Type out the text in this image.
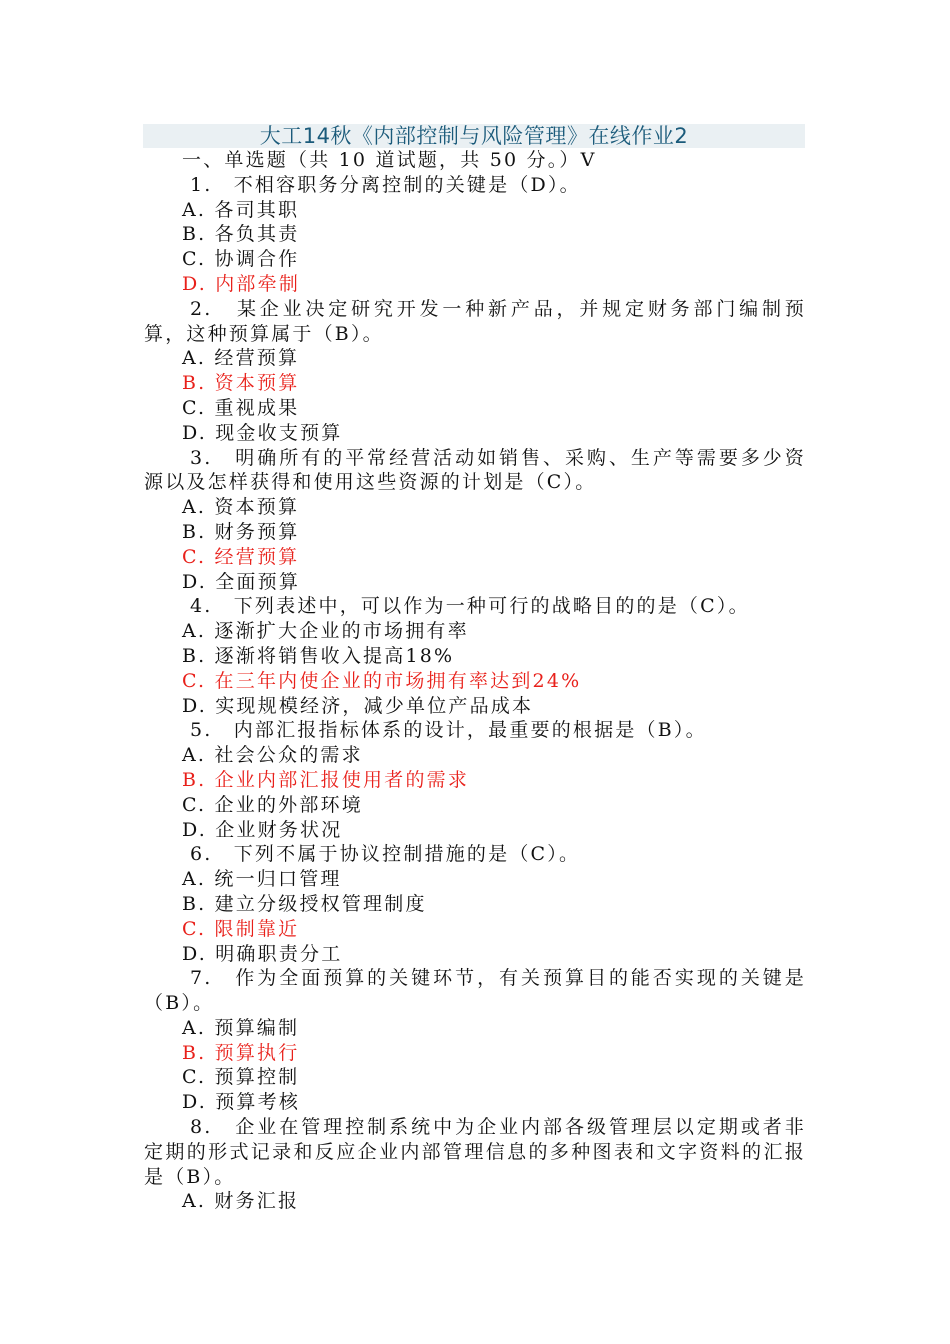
大工14秋《内部控制与风险管理》在线作业2
一、单选题（共 10 道试题，共 50 分。）V
1.　不相容职务分离控制的关键是（D）。
A. 各司其职
B. 各负其责
C. 协调合作
D. 内部牵制
2.　某企业决定研究开发一种新产品，并规定财务部门编制预算，这种预算属于（B）。
A. 经营预算
B. 资本预算
C. 重视成果
D. 现金收支预算
3.　明确所有的平常经营活动如销售、采购、生产等需要多少资源以及怎样获得和使用这些资源的计划是（C）。
A. 资本预算
B. 财务预算
C. 经营预算
D. 全面预算
4.　下列表述中，可以作为一种可行的战略目的的是（C）。
A. 逐渐扩大企业的市场拥有率
B. 逐渐将销售收入提高18%
C. 在三年内使企业的市场拥有率达到24%
D. 实现规模经济，减少单位产品成本
5.　内部汇报指标体系的设计，最重要的根据是（B）。
A. 社会公众的需求
B. 企业内部汇报使用者的需求
C. 企业的外部环境
D. 企业财务状况
6.　下列不属于协议控制措施的是（C）。
A. 统一归口管理
B. 建立分级授权管理制度
C. 限制靠近
D. 明确职责分工
7.　作为全面预算的关键环节，有关预算目的能否实现的关键是（B）。
A. 预算编制
B. 预算执行
C. 预算控制
D. 预算考核
8.　企业在管理控制系统中为企业内部各级管理层以定期或者非定期的形式记录和反应企业内部管理信息的多种图表和文字资料的汇报是（B）。
A. 财务汇报
